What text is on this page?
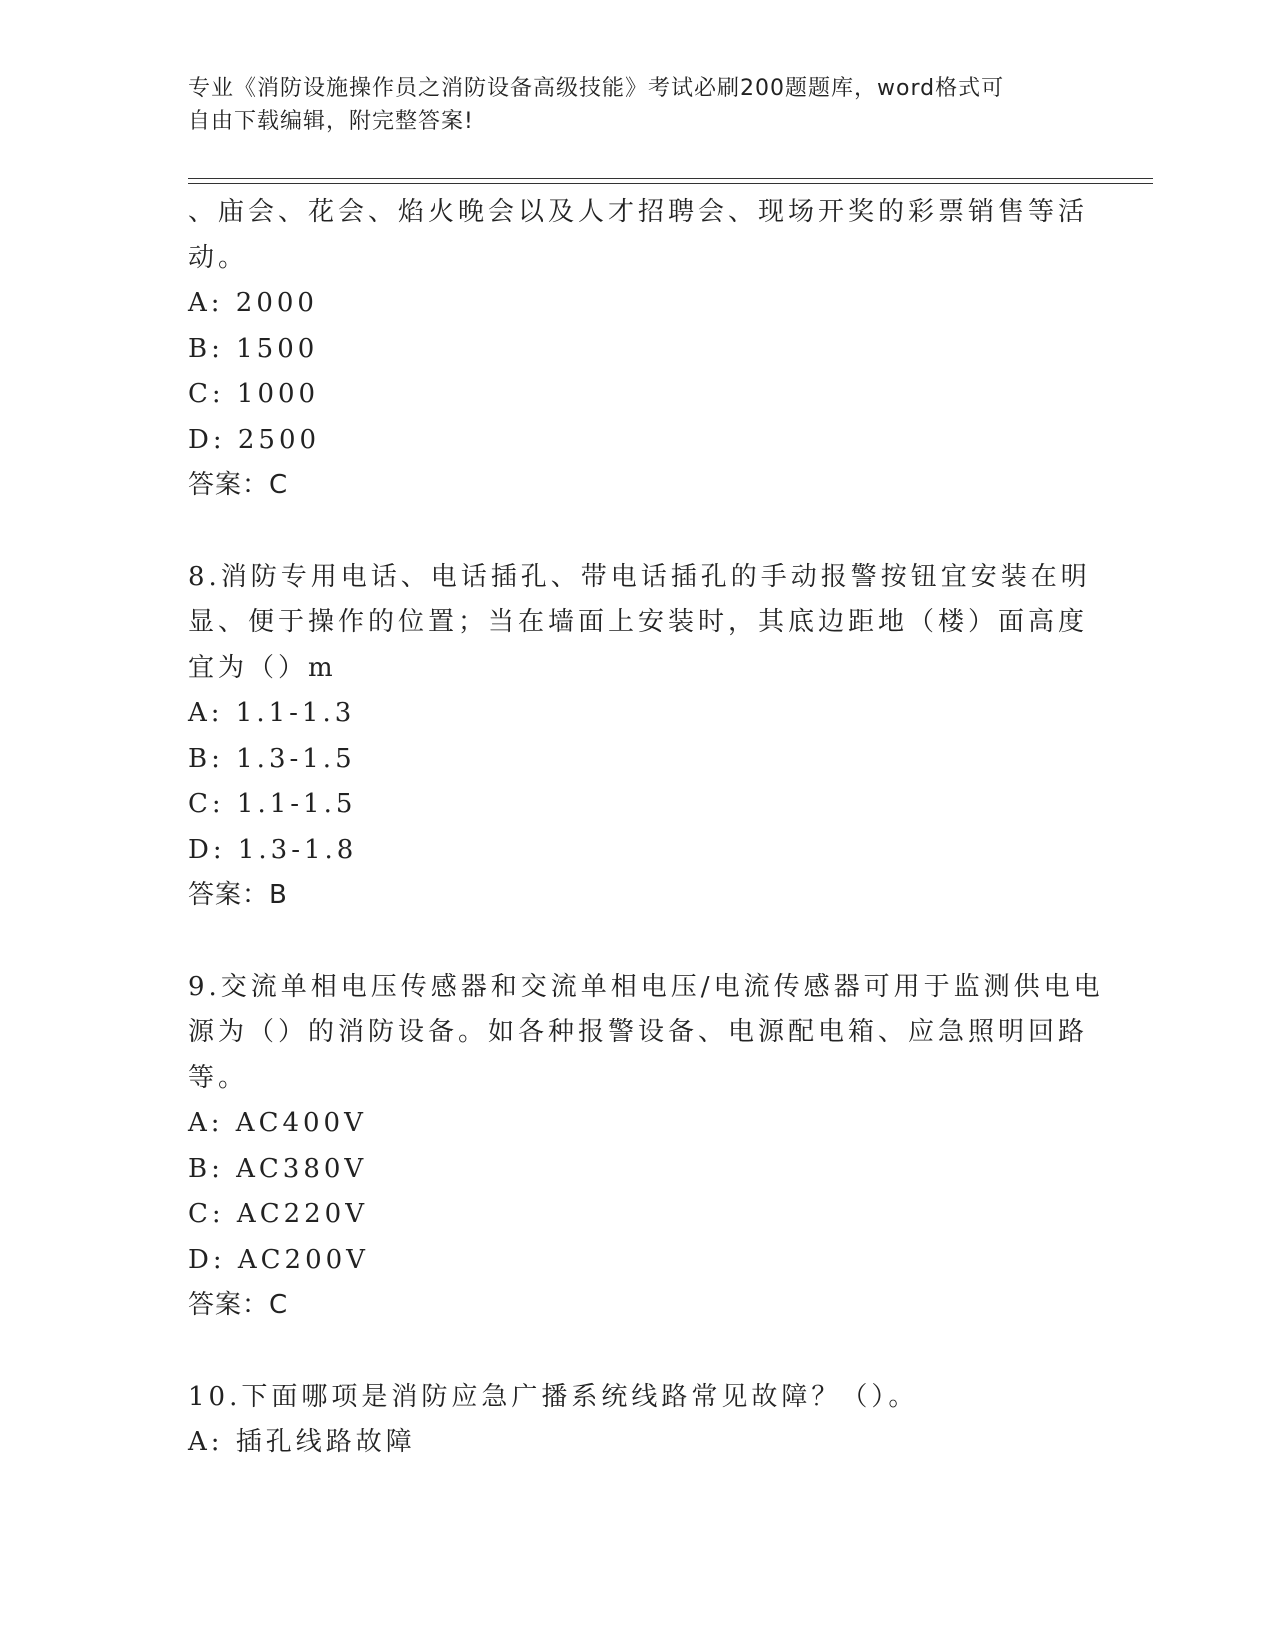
专业《消防设施操作员之消防设备高级技能》考试必刷200题题库，word格式可
自由下载编辑，附完整答案!
、庙会、花会、焰火晚会以及人才招聘会、现场开奖的彩票销售等活
动。
A: 2000
B: 1500
C: 1000
D: 2500
答案：C
8.消防专用电话、电话插孔、带电话插孔的手动报警按钮宜安装在明
显、便于操作的位置；当在墙面上安装时，其底边距地（楼）面高度
宜为（）m
A: 1.1-1.3
B: 1.3-1.5
C: 1.1-1.5
D: 1.3-1.8
答案：B
9.交流单相电压传感器和交流单相电压/电流传感器可用于监测供电电
源为（）的消防设备。如各种报警设备、电源配电箱、应急照明回路
等。
A: AC400V
B: AC380V
C: AC220V
D: AC200V
答案：C
10.下面哪项是消防应急广播系统线路常见故障？（）。
A: 插孔线路故障
